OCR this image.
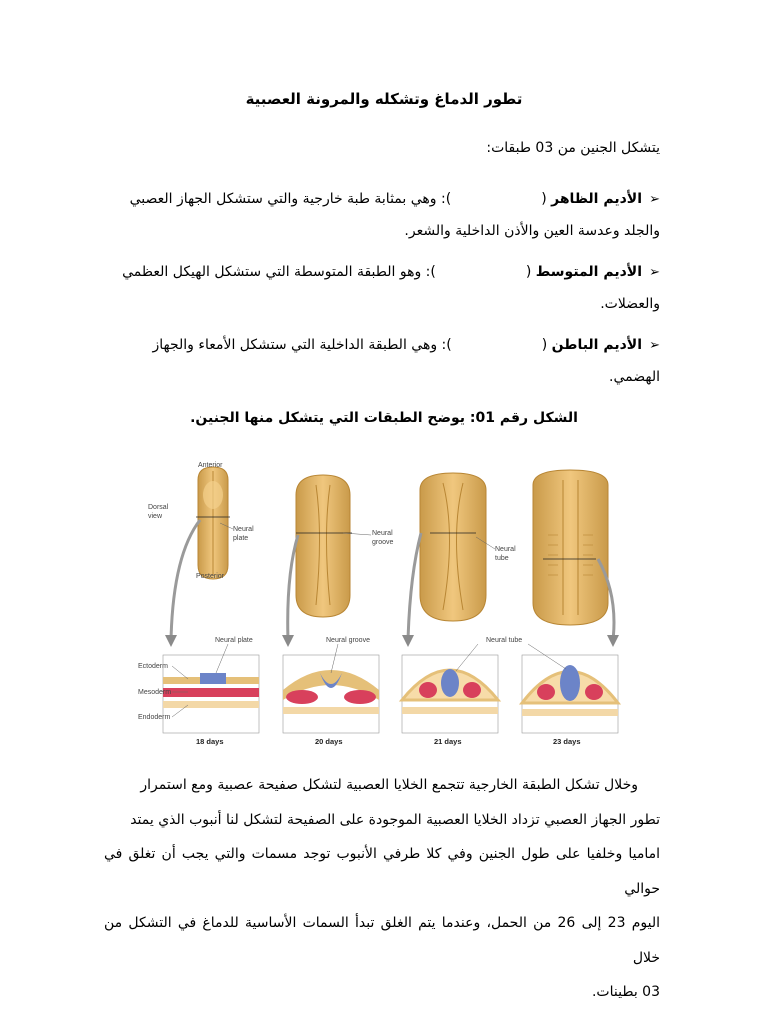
تطور الدماغ وتشكله والمرونة العصبية
يتشكل الجنين من 03 طبقات:
➢الأديم الظاهر (): وهي بمثابة طبة خارجية والتي ستشكل الجهاز العصبي
والجلد وعدسة العين والأذن الداخلية والشعر.
➢الأديم المتوسط (): وهو الطبقة المتوسطة التي ستشكل الهيكل العظمي
والعضلات.
➢الأديم الباطن (): وهي الطبقة الداخلية التي ستشكل الأمعاء والجهاز
الهضمي.
الشكل رقم 01: يوضح الطبقات التي يتشكل منها الجنين.
Anterior
Posterior
Dorsal
view
Neural
plate
Neural
groove
Neural
tube
Neural plate	Neural groove	Neural tube
Ectoderm
Mesoderm
Endoderm
18 days	20 days	21 days	23 days
وخلال تشكل الطبقة الخارجية تتجمع الخلايا العصبية لتشكل صفيحة عصبية ومع استمرار
تطور الجهاز العصبي تزداد الخلايا العصبية الموجودة على الصفيحة لتشكل لنا أنبوب الذي يمتد
اماميا وخلفيا على طول الجنين وفي كلا طرفي الأنبوب توجد مسمات والتي يجب أن تغلق في حوالي
اليوم 23 إلى 26 من الحمل، وعندما يتم الغلق تبدأ السمات الأساسية للدماغ في التشكل من خلال
03 بطينات.
